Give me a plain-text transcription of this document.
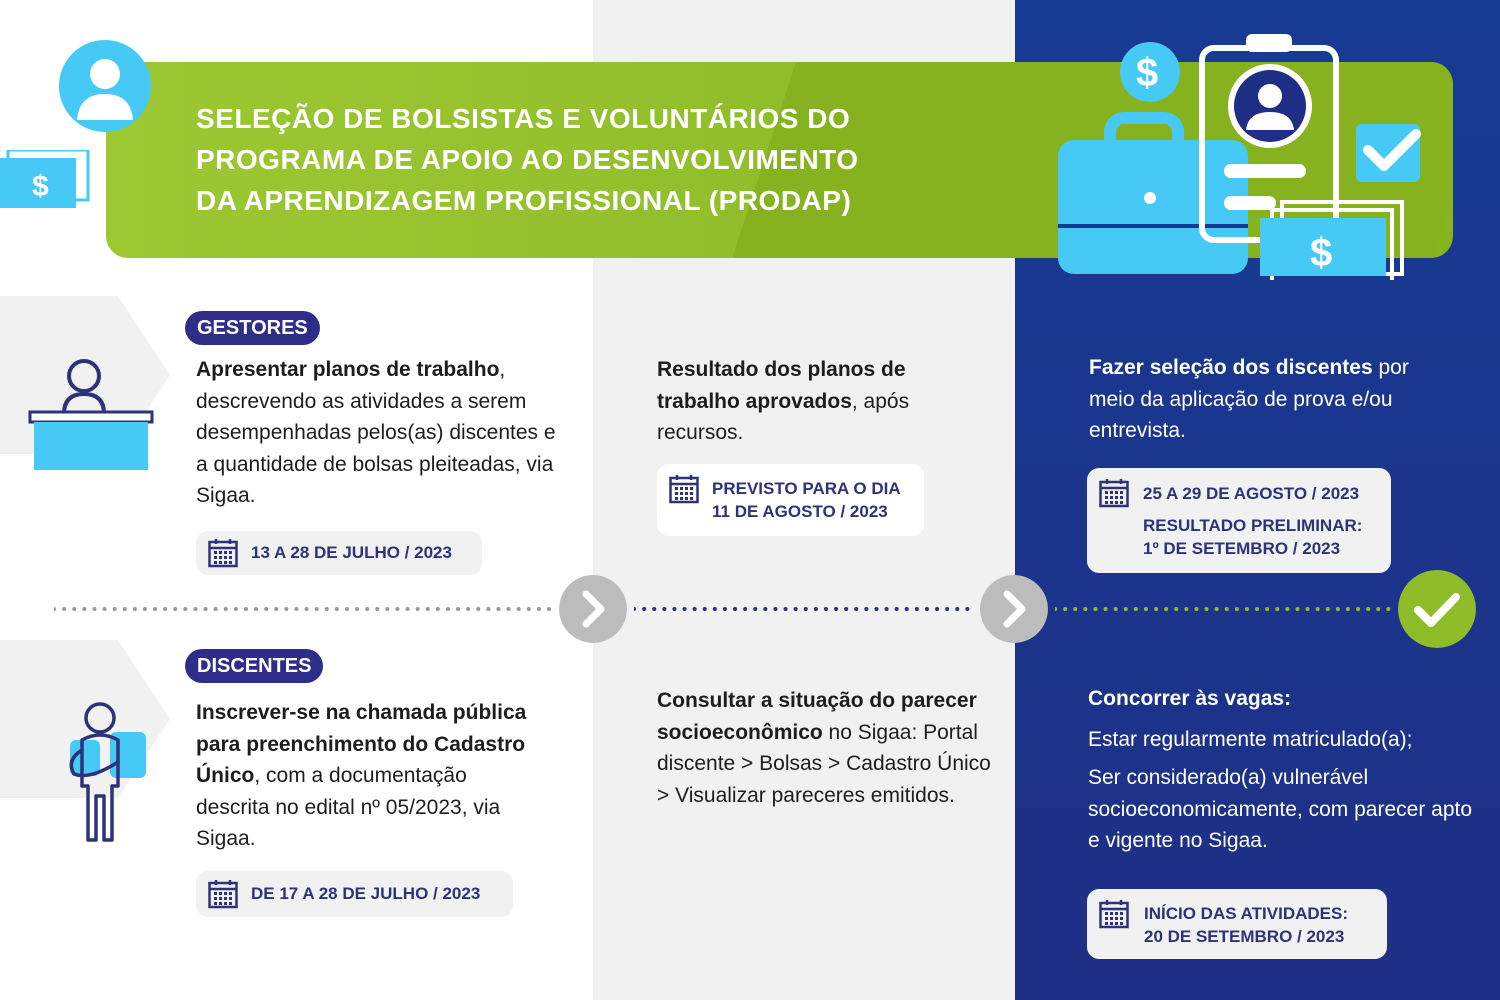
SELEÇÃO DE BOLSISTAS E VOLUNTÁRIOS DO
PROGRAMA DE APOIO AO DESENVOLVIMENTO
DA APRENDIZAGEM PROFISSIONAL (PRODAP)
$
$
$
GESTORES
Apresentar planos de trabalho, descrevendo as atividades a serem desempenhadas pelos(as) discentes e a quantidade de bolsas pleiteadas, via Sigaa.
13 A 28 DE JULHO / 2023
Resultado dos planos de trabalho aprovados, após recursos.
PREVISTO PARA O DIA
11 DE AGOSTO / 2023
Fazer seleção dos discentes por meio da aplicação de prova e/ou entrevista.
25 A 29 DE AGOSTO / 2023
RESULTADO PRELIMINAR:
1º DE SETEMBRO / 2023
DISCENTES
Inscrever-se na chamada pública para preenchimento do Cadastro Único, com a documentação descrita no edital nº 05/2023, via Sigaa.
DE 17 A 28 DE JULHO / 2023
Consultar a situação do parecer socioeconômico no Sigaa: Portal discente > Bolsas > Cadastro Único > Visualizar pareceres emitidos.
Concorrer às vagas:
Estar regularmente matriculado(a);
Ser considerado(a) vulnerável socioeconomicamente, com parecer apto e vigente no Sigaa.
INÍCIO DAS ATIVIDADES:
20 DE SETEMBRO / 2023
